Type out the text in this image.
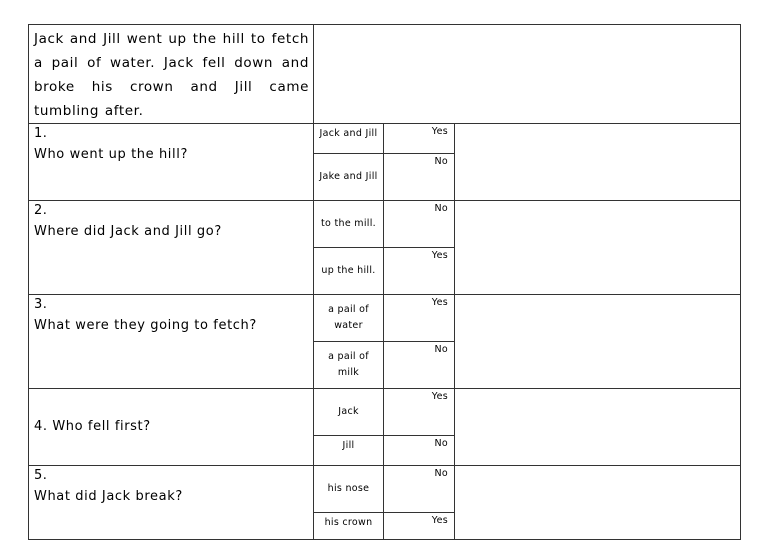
Jack and Jill went up the hill to fetch a pail of water. Jack fell down and broke his crown and Jill came tumbling after.			

1.
Who went up the hill?	Jack and Jill	Yes	
	Jake and Jill	No	

2.
Where did Jack and Jill go?	to the mill.	No	
	up the hill.	Yes	

3.
What were they going to fetch?	a pail of water	Yes	
	a pail of milk	No	

4. Who fell first?	Jack	Yes	
	Jill	No	

5.
What did Jack break?	his nose	No	
	his crown	Yes	
